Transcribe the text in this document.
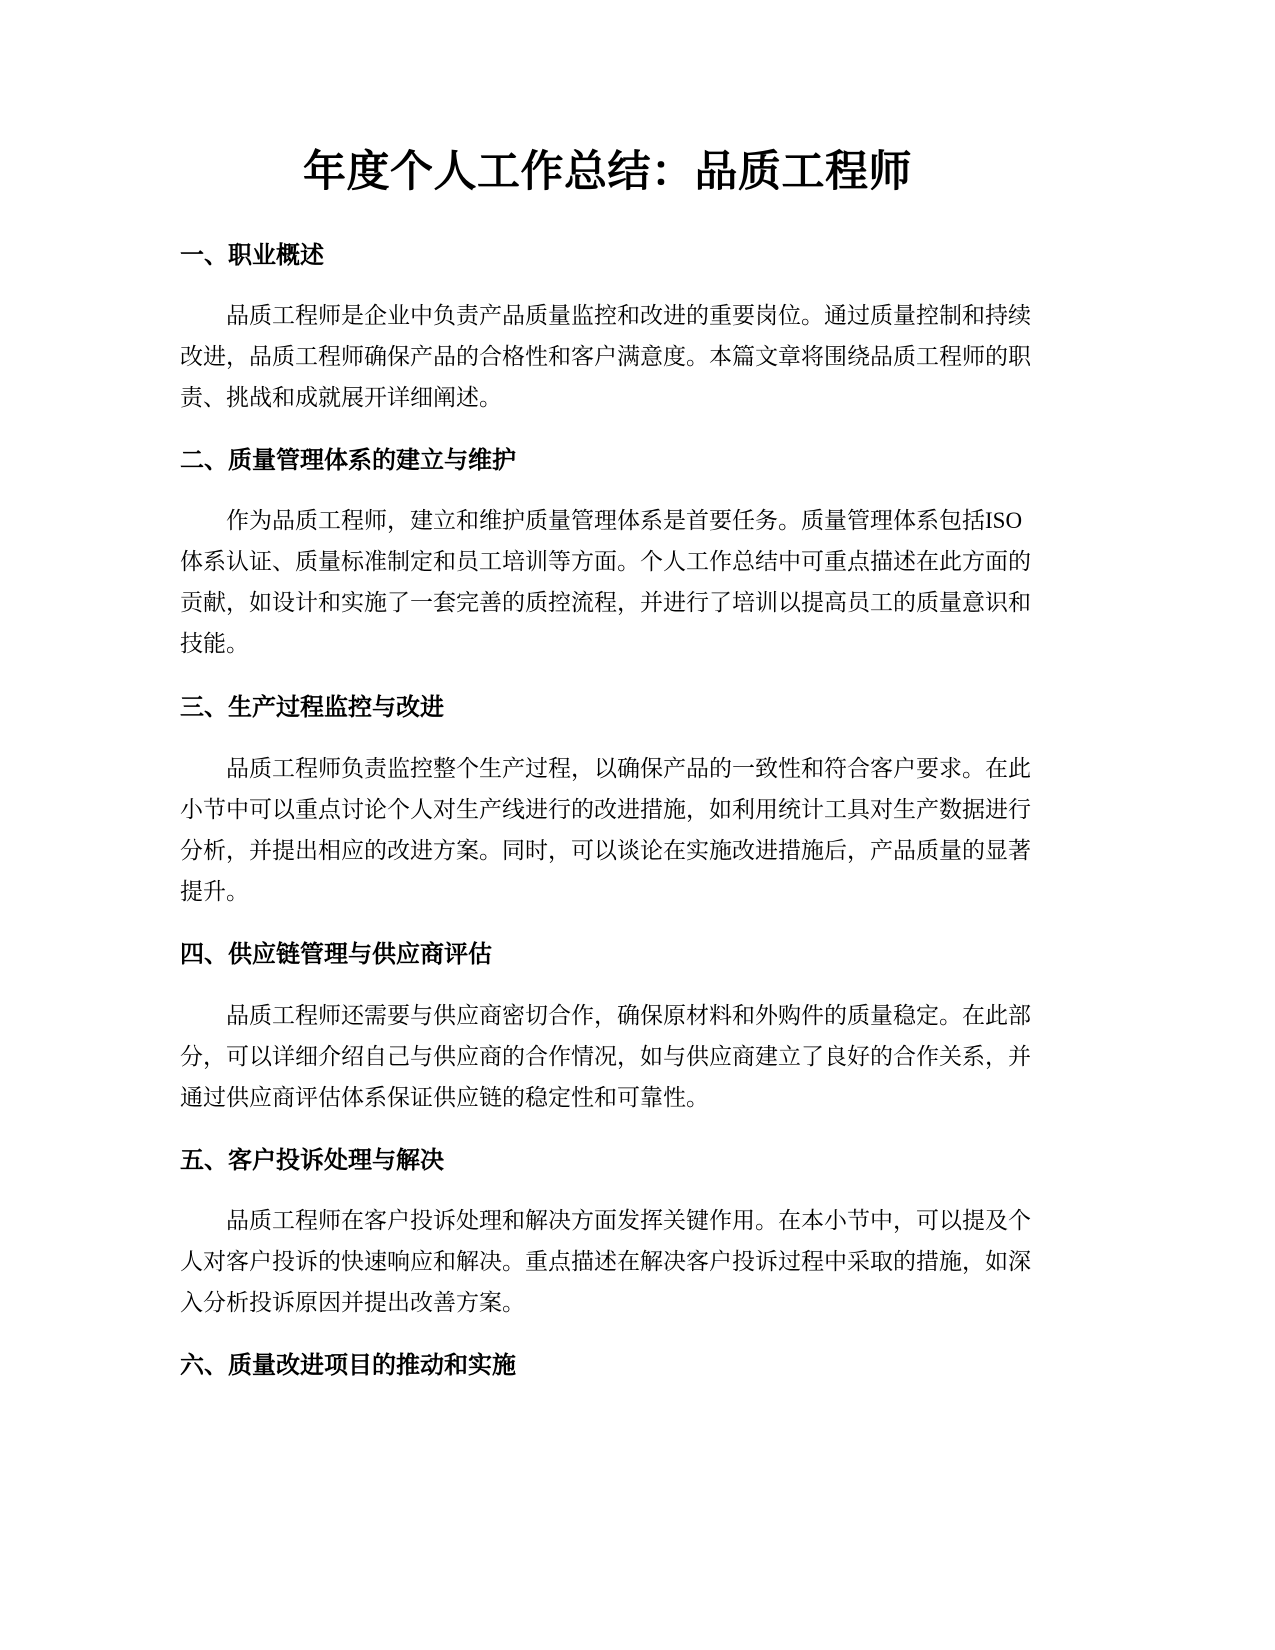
年度个人工作总结：品质工程师
一、职业概述

品质工程师是企业中负责产品质量监控和改进的重要岗位。通过质量控制和持续改进，品质工程师确保产品的合格性和客户满意度。本篇文章将围绕品质工程师的职责、挑战和成就展开详细阐述。

二、质量管理体系的建立与维护

作为品质工程师，建立和维护质量管理体系是首要任务。质量管理体系包括ISO体系认证、质量标准制定和员工培训等方面。个人工作总结中可重点描述在此方面的贡献，如设计和实施了一套完善的质控流程，并进行了培训以提高员工的质量意识和技能。

三、生产过程监控与改进

品质工程师负责监控整个生产过程，以确保产品的一致性和符合客户要求。在此小节中可以重点讨论个人对生产线进行的改进措施，如利用统计工具对生产数据进行分析，并提出相应的改进方案。同时，可以谈论在实施改进措施后，产品质量的显著提升。

四、供应链管理与供应商评估

品质工程师还需要与供应商密切合作，确保原材料和外购件的质量稳定。在此部分，可以详细介绍自己与供应商的合作情况，如与供应商建立了良好的合作关系，并通过供应商评估体系保证供应链的稳定性和可靠性。

五、客户投诉处理与解决

品质工程师在客户投诉处理和解决方面发挥关键作用。在本小节中，可以提及个人对客户投诉的快速响应和解决。重点描述在解决客户投诉过程中采取的措施，如深入分析投诉原因并提出改善方案。

六、质量改进项目的推动和实施
